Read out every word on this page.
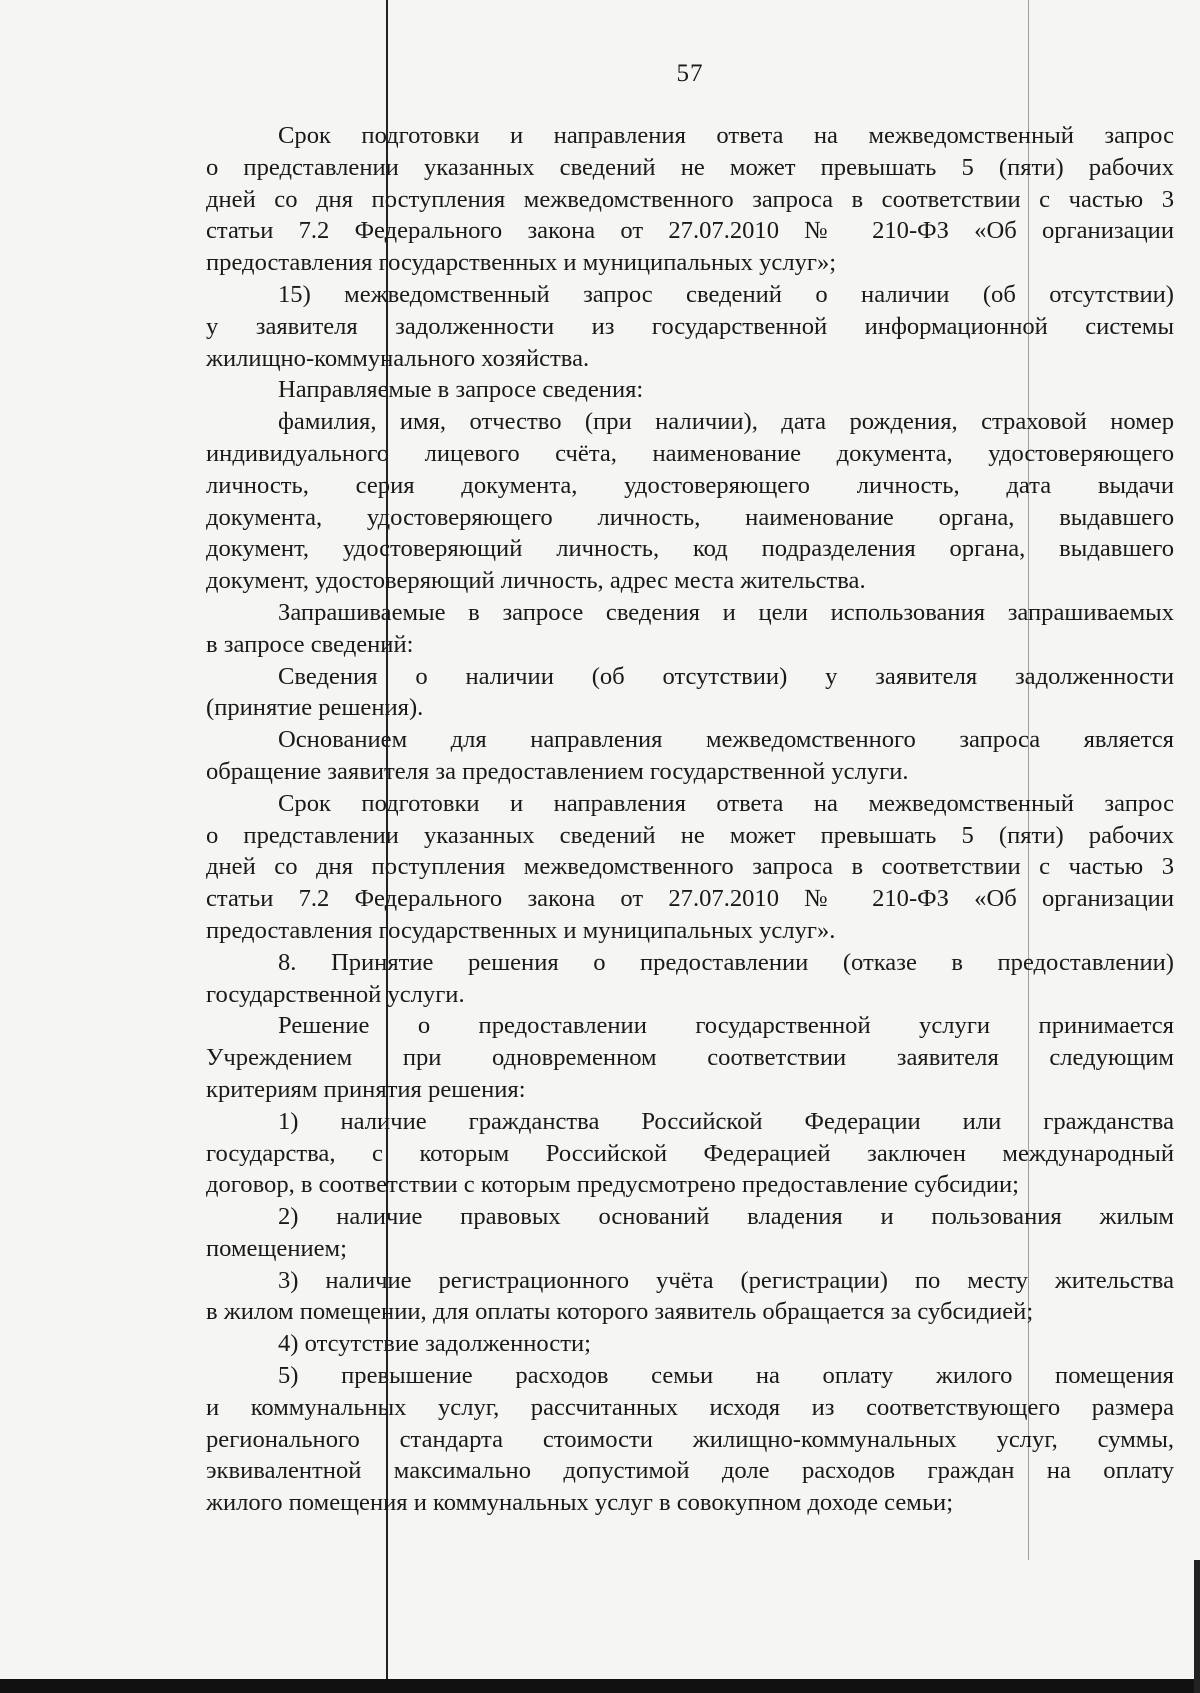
57

Срок подготовки и направления ответа на межведомственный запрос
о представлении указанных сведений не может превышать 5 (пяти) рабочих
дней со дня поступления межведомственного запроса в соответствии с частью 3
статьи 7.2 Федерального закона от 27.07.2010 № 210-ФЗ «Об организации
предоставления государственных и муниципальных услуг»;

15) межведомственный запрос сведений о наличии (об отсутствии)
у заявителя задолженности из государственной информационной системы
жилищно-коммунального хозяйства.

Направляемые в запросе сведения:

фамилия, имя, отчество (при наличии), дата рождения, страховой номер
индивидуального лицевого счёта, наименование документа, удостоверяющего
личность, серия документа, удостоверяющего личность, дата выдачи
документа, удостоверяющего личность, наименование органа, выдавшего
документ, удостоверяющий личность, код подразделения органа, выдавшего
документ, удостоверяющий личность, адрес места жительства.

Запрашиваемые в запросе сведения и цели использования запрашиваемых
в запросе сведений:

Сведения о наличии (об отсутствии) у заявителя задолженности
(принятие решения).

Основанием для направления межведомственного запроса является
обращение заявителя за предоставлением государственной услуги.

Срок подготовки и направления ответа на межведомственный запрос
о представлении указанных сведений не может превышать 5 (пяти) рабочих
дней со дня поступления межведомственного запроса в соответствии с частью 3
статьи 7.2 Федерального закона от 27.07.2010 № 210-ФЗ «Об организации
предоставления государственных и муниципальных услуг».

8. Принятие решения о предоставлении (отказе в предоставлении)
государственной услуги.

Решение о предоставлении государственной услуги принимается
Учреждением при одновременном соответствии заявителя следующим
критериям принятия решения:

1) наличие гражданства Российской Федерации или гражданства
государства, с которым Российской Федерацией заключен международный
договор, в соответствии с которым предусмотрено предоставление субсидии;

2) наличие правовых оснований владения и пользования жилым
помещением;

3) наличие регистрационного учёта (регистрации) по месту жительства
в жилом помещении, для оплаты которого заявитель обращается за субсидией;

4) отсутствие задолженности;

5) превышение расходов семьи на оплату жилого помещения
и коммунальных услуг, рассчитанных исходя из соответствующего размера
регионального стандарта стоимости жилищно-коммунальных услуг, суммы,
эквивалентной максимально допустимой доле расходов граждан на оплату
жилого помещения и коммунальных услуг в совокупном доходе семьи;
